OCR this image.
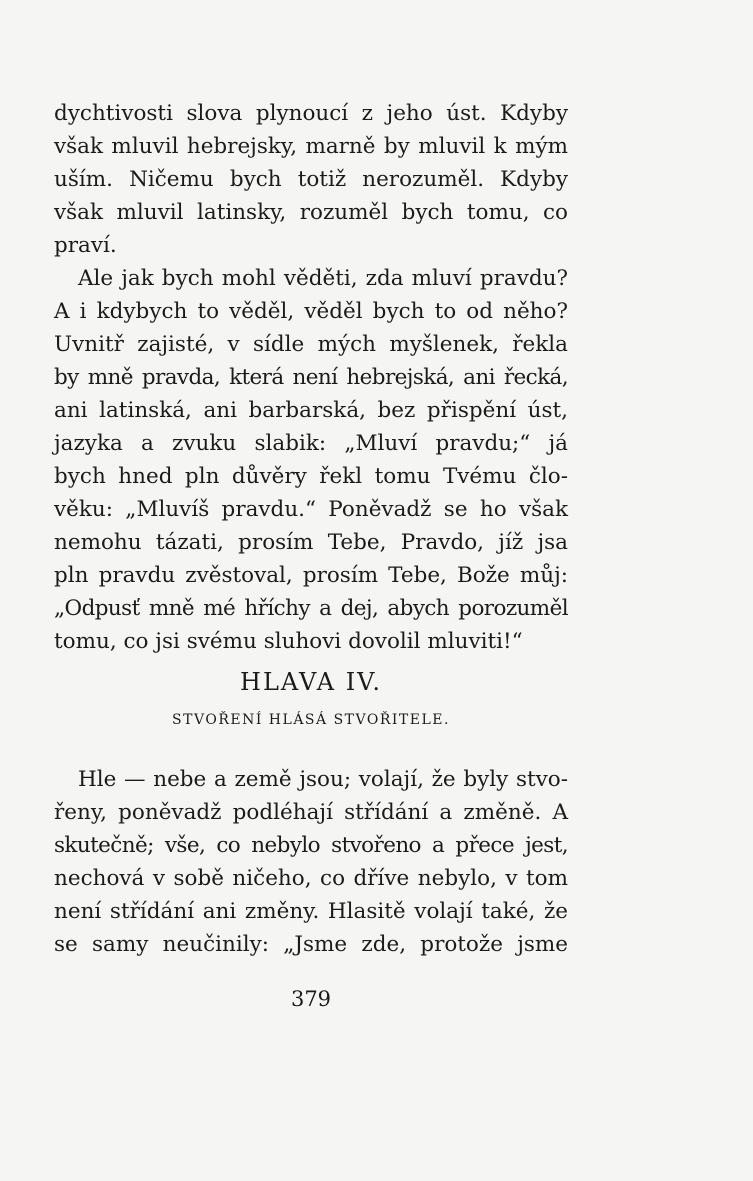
dychtivosti slova plynoucí z jeho úst. Kdyby
však mluvil hebrejsky, marně by mluvil k mým
uším. Ničemu bych totiž nerozuměl. Kdyby
však mluvil latinsky, rozuměl bych tomu, co
praví.
Ale jak bych mohl věděti, zda mluví pravdu?
A i kdybych to věděl, věděl bych to od něho?
Uvnitř zajisté, v sídle mých myšlenek, řekla
by mně pravda, která není hebrejská, ani řecká,
ani latinská, ani barbarská, bez přispění úst,
jazyka a zvuku slabik: „Mluví pravdu;“ já
bych hned pln důvěry řekl tomu Tvému člo-
věku: „Mluvíš pravdu.“ Poněvadž se ho však
nemohu tázati, prosím Tebe, Pravdo, jíž jsa
pln pravdu zvěstoval, prosím Tebe, Bože můj:
„Odpusť mně mé hříchy a dej, abych porozuměl
tomu, co jsi svému sluhovi dovolil mluviti!“
HLAVA IV.
STVOŘENÍ HLÁSÁ STVOŘITELE.
Hle — nebe a země jsou; volají, že byly stvo-
řeny, poněvadž podléhají střídání a změně. A
skutečně; vše, co nebylo stvořeno a přece jest,
nechová v sobě ničeho, co dříve nebylo, v tom
není střídání ani změny. Hlasitě volají také, že
se samy neučinily: „Jsme zde, protože jsme
379
